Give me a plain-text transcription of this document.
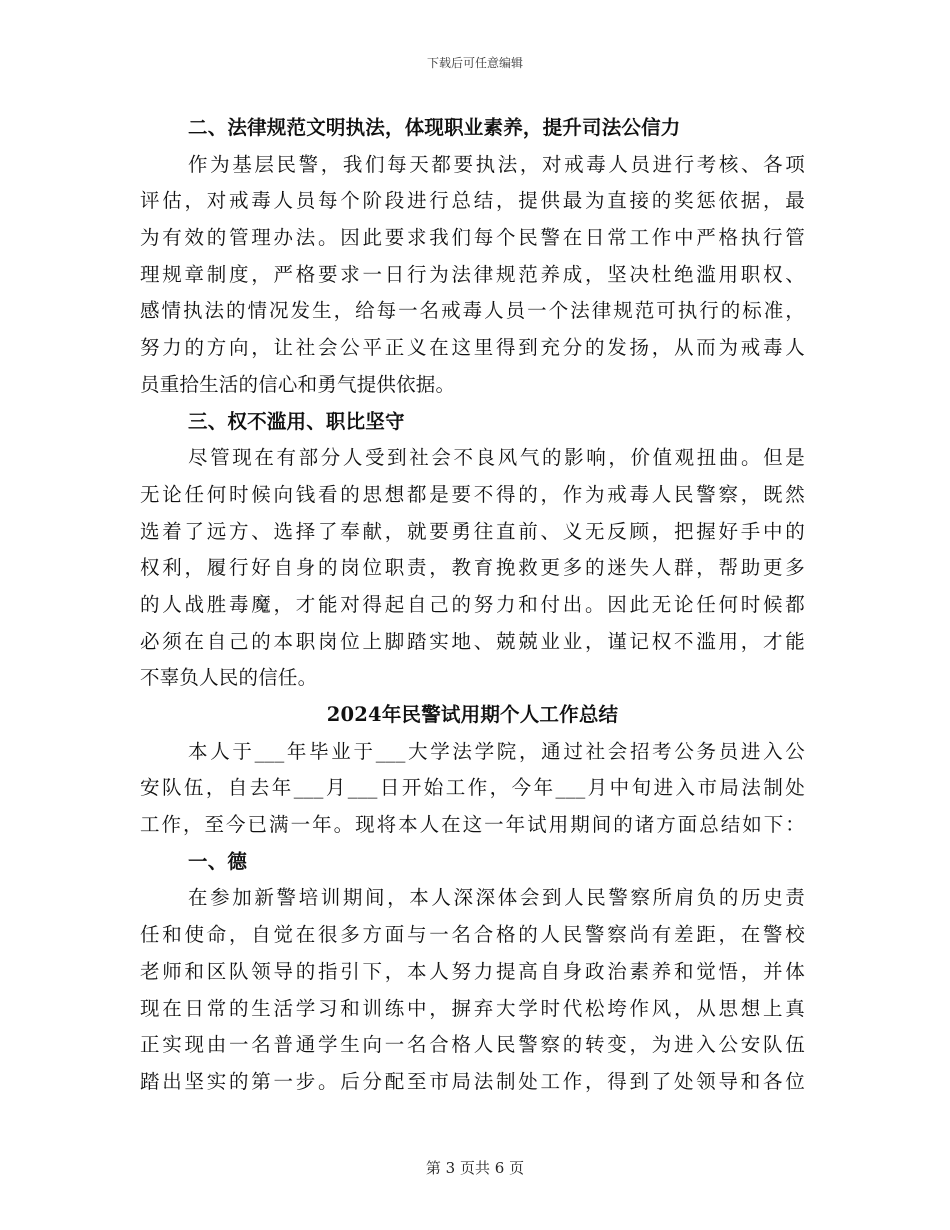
下载后可任意编辑
二、法律规范文明执法，体现职业素养，提升司法公信力
作为基层民警，我们每天都要执法，对戒毒人员进行考核、各项
评估，对戒毒人员每个阶段进行总结，提供最为直接的奖惩依据，最
为有效的管理办法。因此要求我们每个民警在日常工作中严格执行管
理规章制度，严格要求一日行为法律规范养成，坚决杜绝滥用职权、
感情执法的情况发生，给每一名戒毒人员一个法律规范可执行的标准，
努力的方向，让社会公平正义在这里得到充分的发扬，从而为戒毒人
员重拾生活的信心和勇气提供依据。
三、权不滥用、职比坚守
尽管现在有部分人受到社会不良风气的影响，价值观扭曲。但是
无论任何时候向钱看的思想都是要不得的，作为戒毒人民警察，既然
选着了远方、选择了奉献，就要勇往直前、义无反顾，把握好手中的
权利，履行好自身的岗位职责，教育挽救更多的迷失人群，帮助更多
的人战胜毒魔，才能对得起自己的努力和付出。因此无论任何时候都
必须在自己的本职岗位上脚踏实地、兢兢业业，谨记权不滥用，才能
不辜负人民的信任。
2024年民警试用期个人工作总结
本人于___年毕业于___大学法学院，通过社会招考公务员进入公
安队伍，自去年___月___日开始工作，今年___月中旬进入市局法制处
工作，至今已满一年。现将本人在这一年试用期间的诸方面总结如下：
一、德
在参加新警培训期间，本人深深体会到人民警察所肩负的历史责
任和使命，自觉在很多方面与一名合格的人民警察尚有差距，在警校
老师和区队领导的指引下，本人努力提高自身政治素养和觉悟，并体
现在日常的生活学习和训练中，摒弃大学时代松垮作风，从思想上真
正实现由一名普通学生向一名合格人民警察的转变，为进入公安队伍
踏出坚实的第一步。后分配至市局法制处工作，得到了处领导和各位
第 3 页共 6 页
